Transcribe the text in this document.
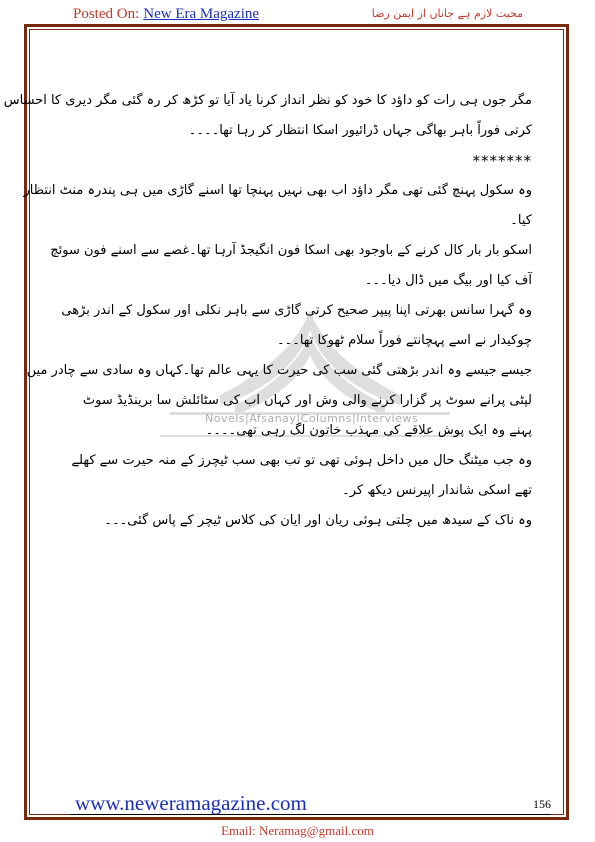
Posted On: New Era Magazine	محبت لازم ہے جاناں از ایمن رضا
Novels|Afsanay|Columns|Interviews
مگر جوں ہی رات کو داؤد کا خود کو نظر انداز کرنا یاد آیا تو کڑھ کر رہ گئی مگر دیری کا احساس
کرتی فوراً باہر بھاگی جہاں ڈرائیور اسکا انتظار کر رہا تھا۔۔۔۔
*******
وہ سکول پہنچ گئی تھی مگر داؤد اب بھی نہیں پہنچا تھا اسنے گاڑی میں ہی پندرہ منٹ انتظار
کیا۔
اسکو بار بار کال کرنے کے باوجود بھی اسکا فون انگیجڈ آرہا تھا۔غصے سے اسنے فون سوئچ
آف کیا اور بیگ میں ڈال دیا۔۔۔
وہ گہرا سانس بھرتی اپنا پیپر صحیح کرتی گاڑی سے باہر نکلی اور سکول کے اندر بڑھی
چوکیدار نے اسے پہچانتے فوراً سلام ٹھوکا تھا۔۔۔
جیسے جیسے وہ اندر بڑھتی گئی سب کی حیرت کا یہی عالم تھا۔کہاں وہ سادی سے چادر میں
لپٹی پرانے سوٹ پر گزارا کرنے والی وش اور کہاں اب کی سٹائلش سا برینڈیڈ سوٹ
پہنے وہ ایک پوش علاقے کی مہذب خاتون لگ رہی تھی۔۔۔۔
وہ جب میٹنگ حال میں داخل ہوئی تھی تو تب بھی سب ٹیچرز کے منہ حیرت سے کھلے
تھے اسکی شاندار اپیرنس دیکھ کر۔
وہ ناک کے سیدھ میں چلتی ہوئی ریان اور ایان کی کلاس ٹیچر کے پاس گئی۔۔۔
www.neweramagazine.com	156
Email: Neramag@gmail.com
